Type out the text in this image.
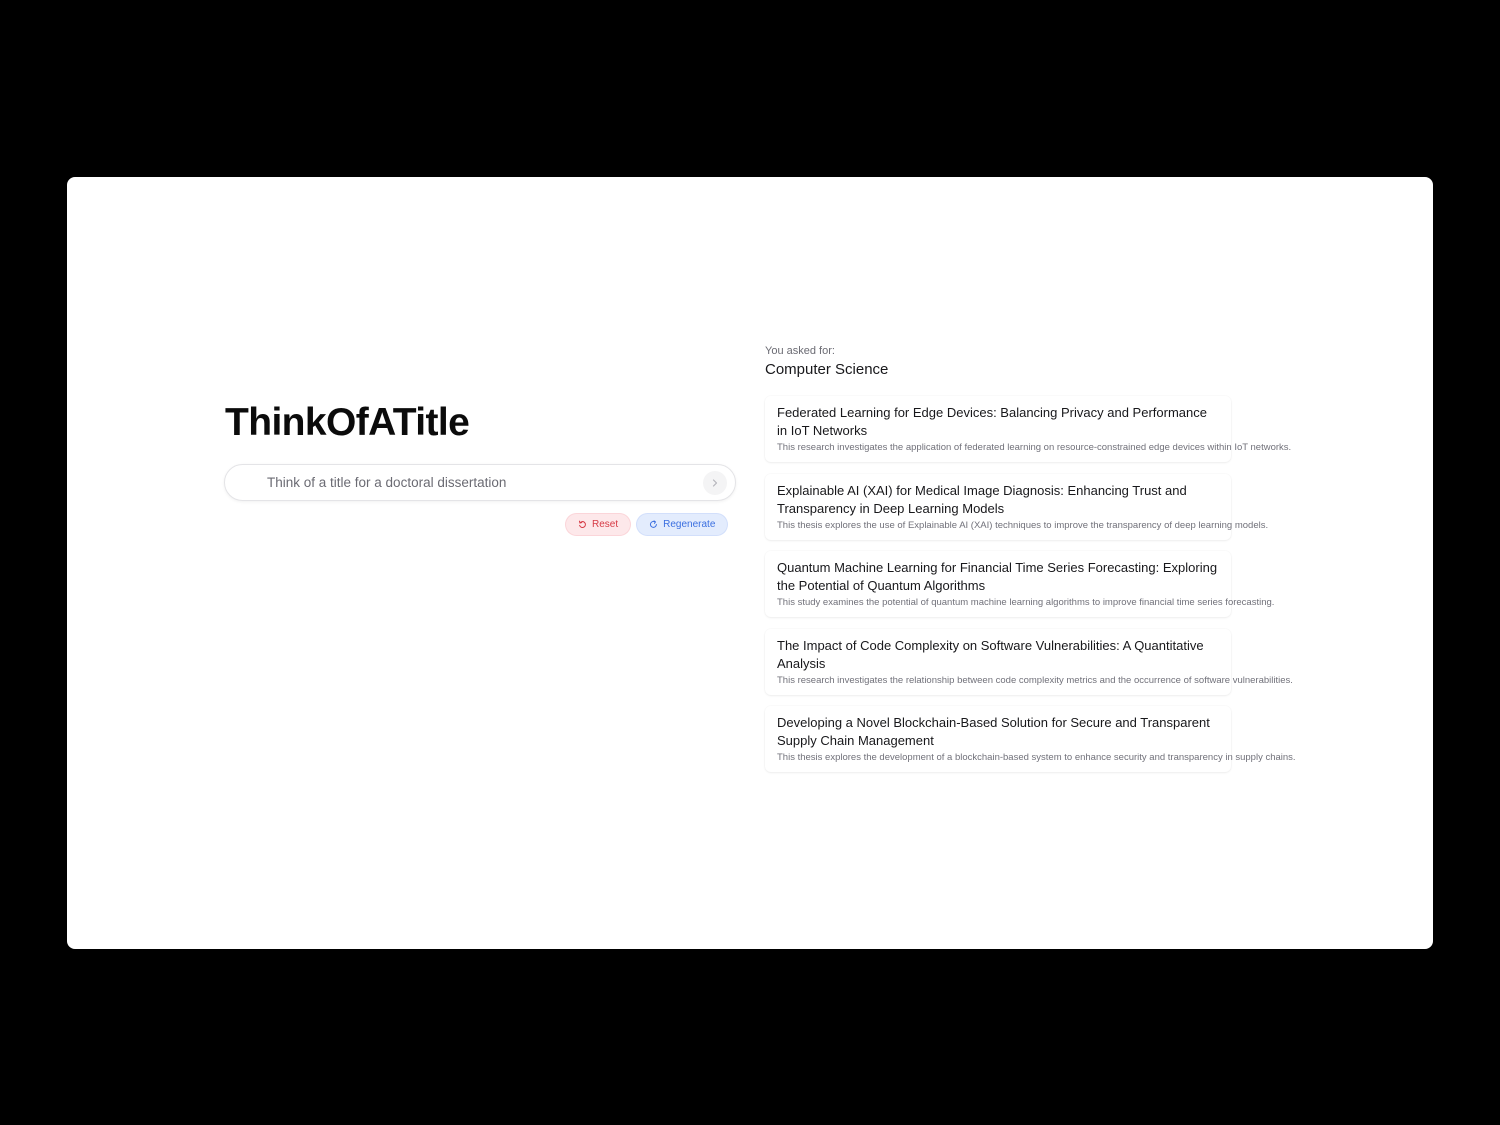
ThinkOfATitle
Think of a title for a doctoral dissertation
Reset	Regenerate
You asked for:
Computer Science

Federated Learning for Edge Devices: Balancing Privacy and Performance in IoT Networks

This research investigates the application of federated learning on resource-constrained edge devices within IoT networks.

Explainable AI (XAI) for Medical Image Diagnosis: Enhancing Trust and Transparency in Deep Learning Models

This thesis explores the use of Explainable AI (XAI) techniques to improve the transparency of deep learning models.

Quantum Machine Learning for Financial Time Series Forecasting: Exploring the Potential of Quantum Algorithms

This study examines the potential of quantum machine learning algorithms to improve financial time series forecasting.

The Impact of Code Complexity on Software Vulnerabilities: A Quantitative Analysis

This research investigates the relationship between code complexity metrics and the occurrence of software vulnerabilities.

Developing a Novel Blockchain-Based Solution for Secure and Transparent Supply Chain Management

This thesis explores the development of a blockchain-based system to enhance security and transparency in supply chains.
